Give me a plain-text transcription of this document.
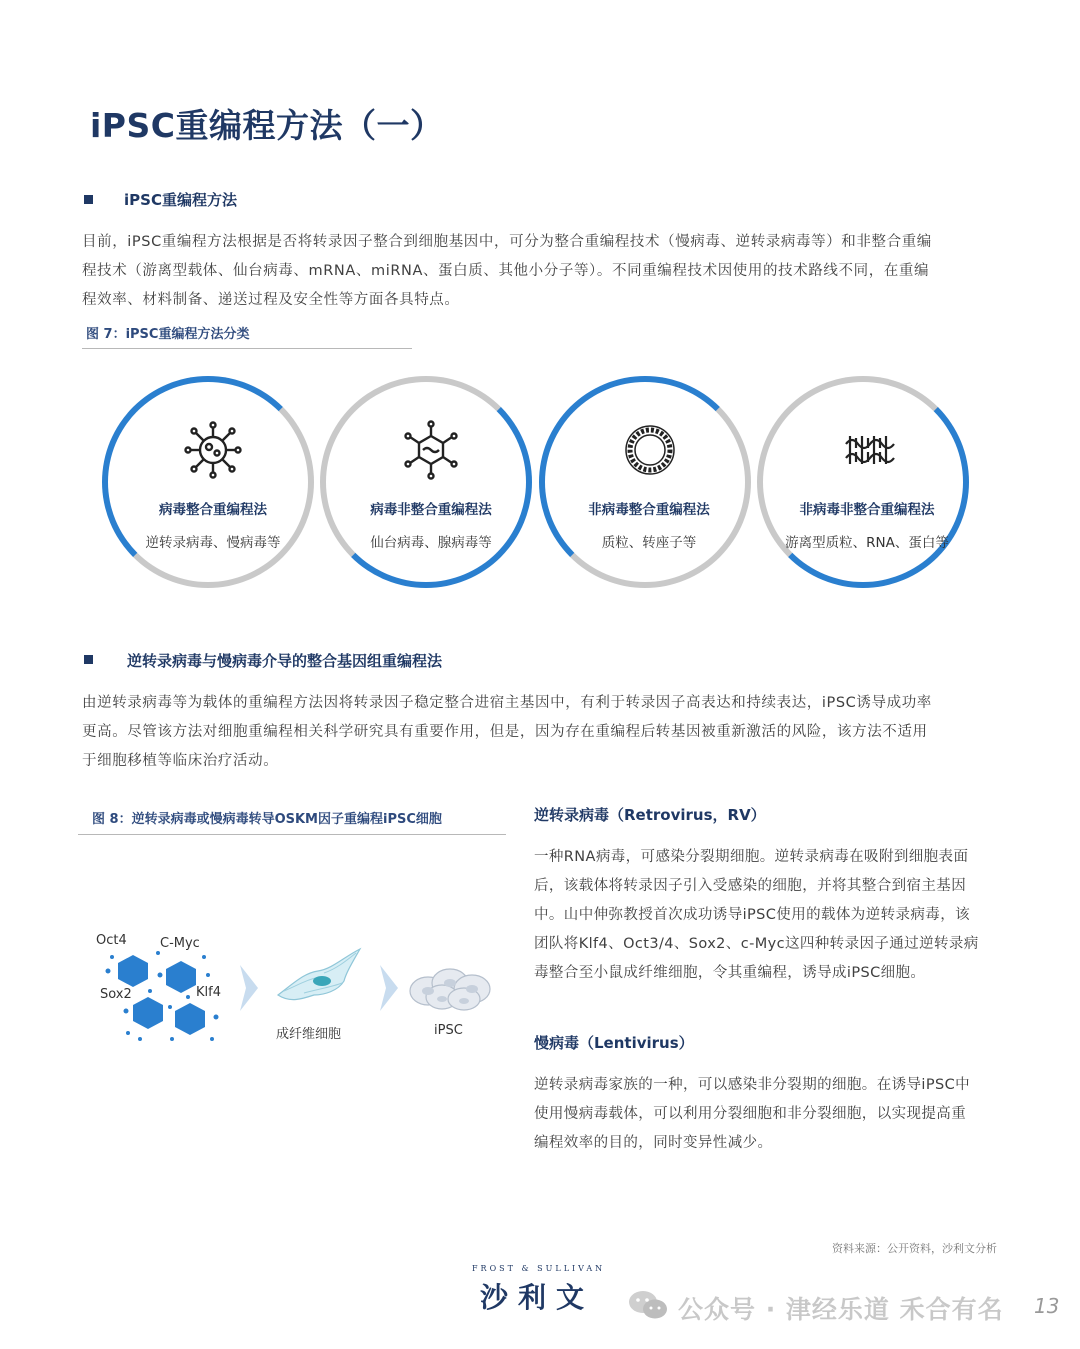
iPSC重编程方法（一）
iPSC重编程方法
目前，iPSC重编程方法根据是否将转录因子整合到细胞基因中，可分为整合重编程技术（慢病毒、逆转录病毒等）和非整合重编
程技术（游离型载体、仙台病毒、mRNA、miRNA、蛋白质、其他小分子等）。不同重编程技术因使用的技术路线不同，在重编
程效率、材料制备、递送过程及安全性等方面各具特点。
图 7：iPSC重编程方法分类
病毒整合重编程法	病毒非整合重编程法	非病毒整合重编程法	非病毒非整合重编程法
逆转录病毒、慢病毒等	仙台病毒、腺病毒等	质粒、转座子等	游离型质粒、RNA、蛋白等
逆转录病毒与慢病毒介导的整合基因组重编程法
由逆转录病毒等为载体的重编程方法因将转录因子稳定整合进宿主基因中，有利于转录因子高表达和持续表达，iPSC诱导成功率
更高。尽管该方法对细胞重编程相关科学研究具有重要作用，但是，因为存在重编程后转基因被重新激活的风险，该方法不适用
于细胞移植等临床治疗活动。
图 8：逆转录病毒或慢病毒转导OSKM因子重编程iPSC细胞
Oct4	C-Myc
Sox2	Klf4
成纤维细胞	iPSC
逆转录病毒（Retrovirus，RV）
一种RNA病毒，可感染分裂期细胞。逆转录病毒在吸附到细胞表面
后，该载体将转录因子引入受感染的细胞，并将其整合到宿主基因
中。山中伸弥教授首次成功诱导iPSC使用的载体为逆转录病毒，该
团队将Klf4、Oct3/4、Sox2、c-Myc这四种转录因子通过逆转录病
毒整合至小鼠成纤维细胞，令其重编程，诱导成iPSC细胞。
慢病毒（Lentivirus）
逆转录病毒家族的一种，可以感染非分裂期的细胞。在诱导iPSC中
使用慢病毒载体，可以利用分裂细胞和非分裂细胞，以实现提高重
编程效率的目的，同时变异性减少。
资料来源：公开资料，沙利文分析
FROST & SULLIVAN
沙利文	公众号 · 津经乐道 禾合有名 13
